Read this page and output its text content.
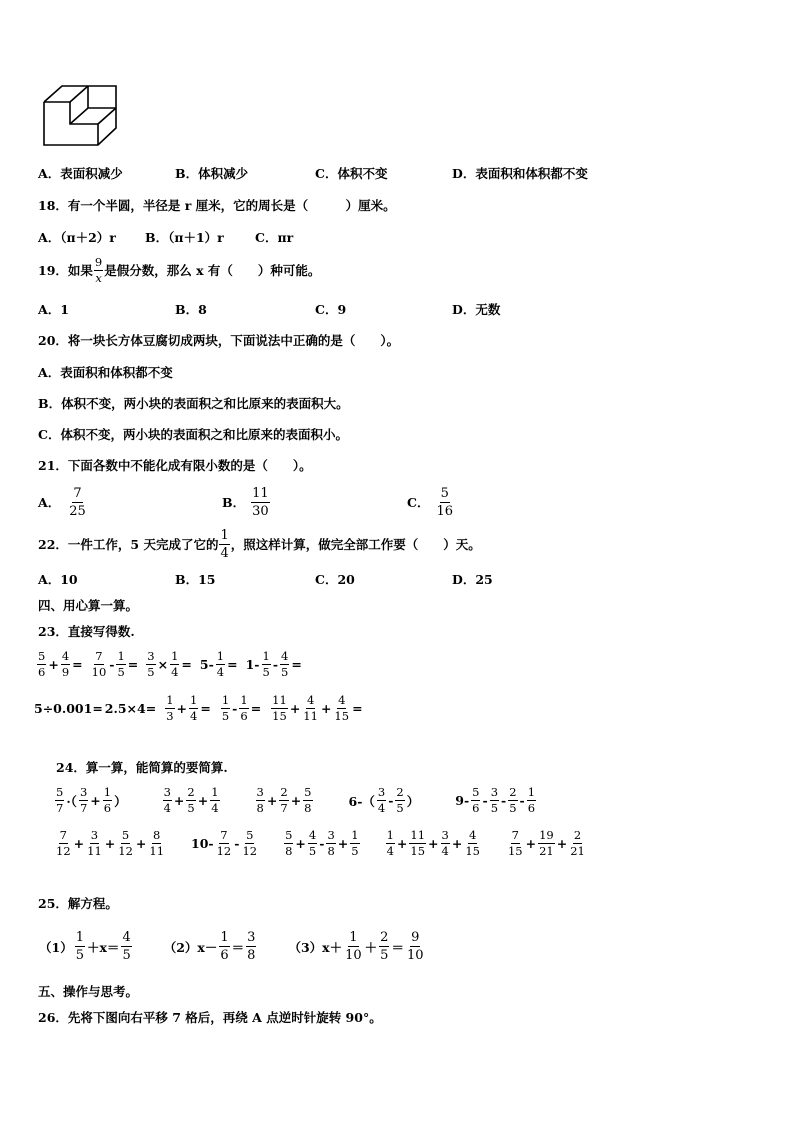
A．表面积减少	B．体积减少	C．体积不变	D．表面积和体积都不变
18．有一个半圆，半径是 r 厘米，它的周长是（　　　）厘米。
A．（π＋2）r B．（π＋1）r	C．πr
19．如果 $\frac{9}{x}$ 是假分数，那么 x 有（　　）种可能。
A．1	B．8	C．9	D．无数
20．将一块长方体豆腐切成两块，下面说法中正确的是（　　）。
A．表面积和体积都不变
B．体积不变，两小块的表面积之和比原来的表面积大。
C．体积不变，两小块的表面积之和比原来的表面积小。
21．下面各数中不能化成有限小数的是（　　）。
A． $\frac{7}{25}$	B． $\frac{11}{30}$	C． $\frac{5}{16}$
22．一件工作，5 天完成了它的 $\frac{1}{4}$ ，照这样计算，做完全部工作要（　　）天。
A．10	B．15	C．20	D．25
四、用心算一算。
23．直接写得数.
$\frac{5}{6} + \frac{4}{9} = \frac{7}{10} - \frac{1}{5} = \frac{3}{5} \times \frac{1}{4} = 5- \frac{1}{4} = 1- \frac{1}{5} - \frac{4}{5}$ =
$5\div 0.001= 2.5\times 4= \frac{1}{3} + \frac{1}{4} = \frac{1}{5} - \frac{1}{6} = \frac{11}{15} + \frac{4}{11} + \frac{4}{15}$ =
24．算一算，能简算的要简算.
$\frac{5}{7}$ ·（ $\frac{3}{7} + \frac{1}{6}$ ）	$\frac{3}{4} + \frac{2}{5} + \frac{1}{4}$	$\frac{3}{8} + \frac{2}{7} + \frac{5}{8}$	$6-( \frac{3}{4} - \frac{2}{5}$ ）	$9- \frac{5}{6} - \frac{3}{5} - \frac{2}{5} - \frac{1}{6}$
$\frac{7}{12} + \frac{3}{11} + \frac{5}{12} + \frac{8}{11} 10- \frac{7}{12} - \frac{5}{12} \frac{5}{8} + \frac{4}{5} - \frac{3}{8} + \frac{1}{5} \frac{1}{4} + \frac{11}{15} + \frac{3}{4} + \frac{4}{15} \frac{7}{15} + \frac{19}{21} + \frac{2}{21}$
25．解方程。
$(1) \frac{1}{5} +x= \frac{4}{5}$	$(2)x- \frac{1}{6} = \frac{3}{8}$	$(3)x+ \frac{1}{10} + \frac{2}{5} = \frac{9}{10}$
五、操作与思考。
26．先将下图向右平移 7 格后，再绕 A 点逆时针旋转 90°。
